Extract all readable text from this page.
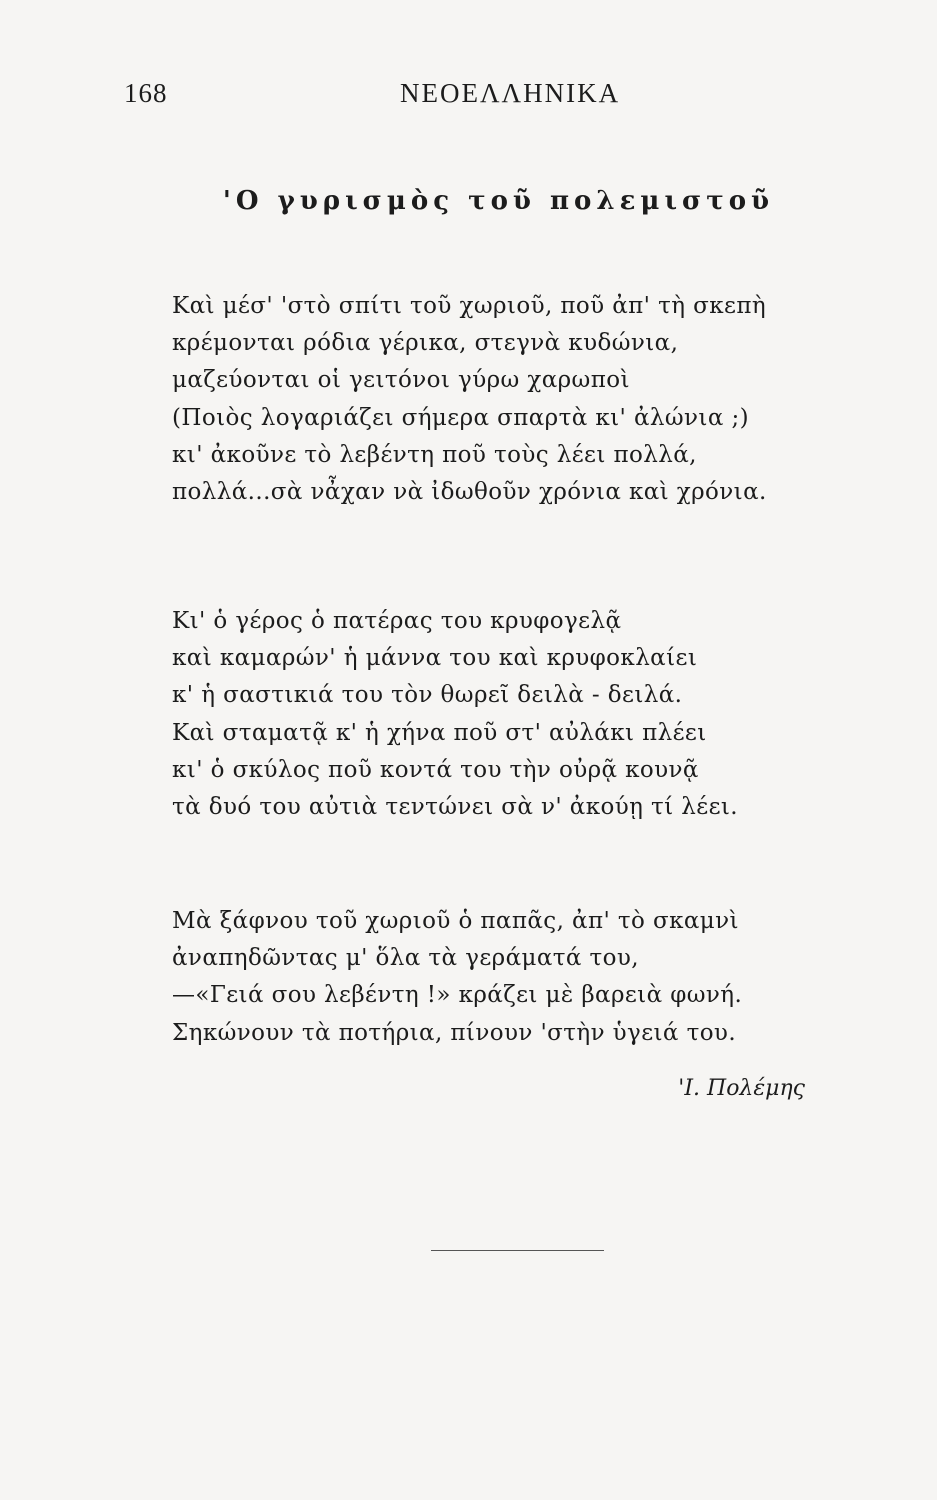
168	ΝΕΟΕΛΛΗΝΙΚΑ
'Ο γυρισμὸς τοῦ πολεμιστοῦ
Καὶ μέσ' 'στὸ σπίτι τοῦ χωριοῦ, ποῦ ἀπ' τὴ σκεπὴ
κρέμονται ρόδια γέρικα, στεγνὰ κυδώνια,
μαζεύονται οἱ γειτόνοι γύρω χαρωποὶ
(Ποιὸς λογαριάζει σήμερα σπαρτὰ κι' ἀλώνια ;)
κι' ἀκοῦνε τὸ λεβέντη ποῦ τοὺς λέει πολλά,
πολλά...σὰ νἆχαν νὰ ἰδωθοῦν χρόνια καὶ χρόνια.
Κι' ὁ γέρος ὁ πατέρας του κρυφογελᾷ
καὶ καμαρών' ἡ μάννα του καὶ κρυφοκλαίει
κ' ἡ σαστικιά του τὸν θωρεῖ δειλὰ - δειλά.
Καὶ σταματᾷ κ' ἡ χήνα ποῦ στ' αὐλάκι πλέει
κι' ὁ σκύλος ποῦ κοντά του τὴν οὐρᾷ κουνᾷ
τὰ δυό του αὐτιὰ τεντώνει σὰ ν' ἀκούῃ τί λέει.
Μὰ ξάφνου τοῦ χωριοῦ ὁ παπᾶς, ἀπ' τὸ σκαμνὶ
ἀναπηδῶντας μ' ὅλα τὰ γεράματά του,
—«Γειά σου λεβέντη !» κράζει μὲ βαρειὰ φωνή.
Σηκώνουν τὰ ποτήρια, πίνουν 'στὴν ὑγειά του.
'Ι. Πολέμης
